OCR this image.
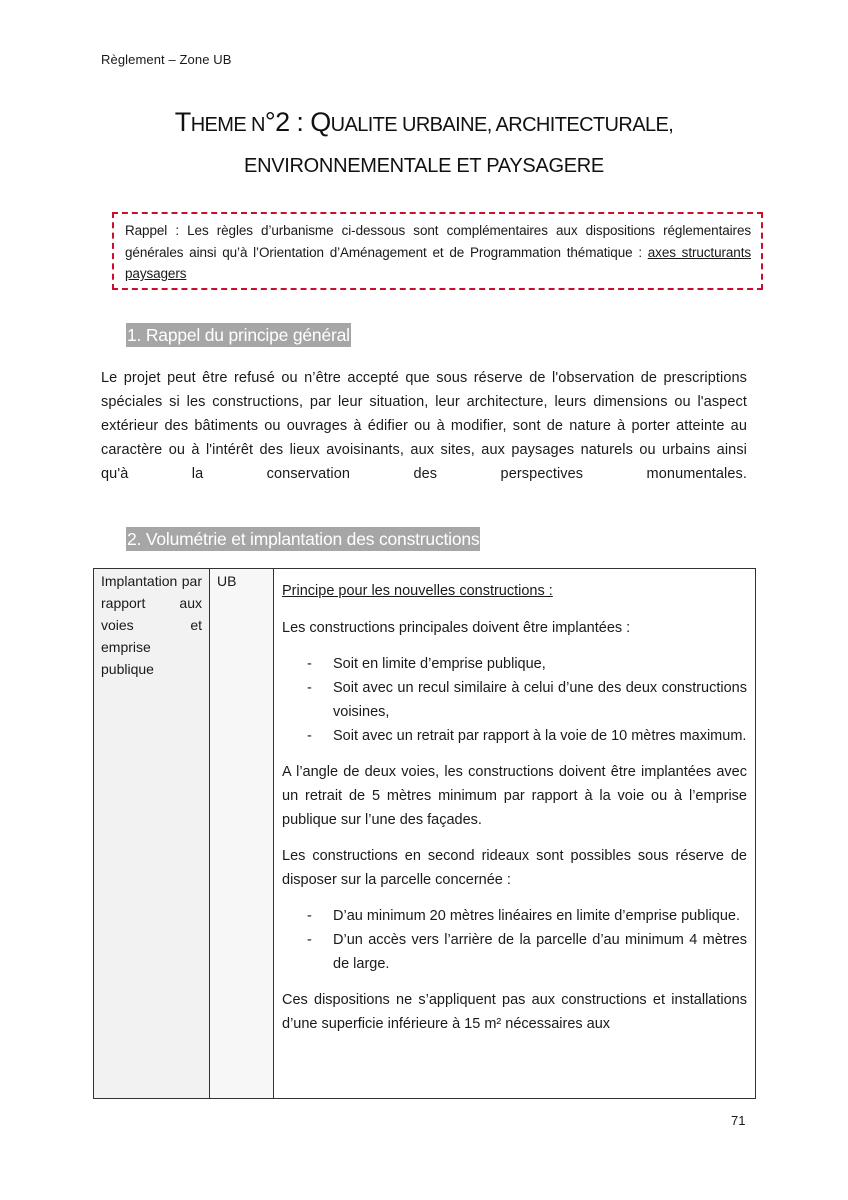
Règlement – Zone UB
THEME N°2 : QUALITE URBAINE, ARCHITECTURALE,
ENVIRONNEMENTALE ET PAYSAGERE
Rappel : Les règles d’urbanisme ci-dessous sont complémentaires aux dispositions réglementaires générales ainsi qu’à l’Orientation d’Aménagement et de Programmation thématique : axes structurants paysagers
1. Rappel du principe général
Le projet peut être refusé ou n’être accepté que sous réserve de l'observation de prescriptions spéciales si les constructions, par leur situation, leur architecture, leurs dimensions ou l'aspect extérieur des bâtiments ou ouvrages à édifier ou à modifier, sont de nature à porter atteinte au caractère ou à l'intérêt des lieux avoisinants, aux sites, aux paysages naturels ou urbains ainsi qu'à la conservation des perspectives monumentales.
2. Volumétrie et implantation des constructions
Implantation par rapport aux voies et emprise publique
UB
Principe pour les nouvelles constructions :

Les constructions principales doivent être implantées :

- Soit en limite d’emprise publique,
- Soit avec un recul similaire à celui d’une des deux constructions voisines,
- Soit avec un retrait par rapport à la voie de 10 mètres maximum.

A l’angle de deux voies, les constructions doivent être implantées avec un retrait de 5 mètres minimum par rapport à la voie ou à l’emprise publique sur l’une des façades.

Les constructions en second rideaux sont possibles sous réserve de disposer sur la parcelle concernée :

- D’au minimum 20 mètres linéaires en limite d’emprise publique.
- D’un accès vers l’arrière de la parcelle d’au minimum 4 mètres de large.

Ces dispositions ne s’appliquent pas aux constructions et installations d’une superficie inférieure à 15 m² nécessaires aux

71
